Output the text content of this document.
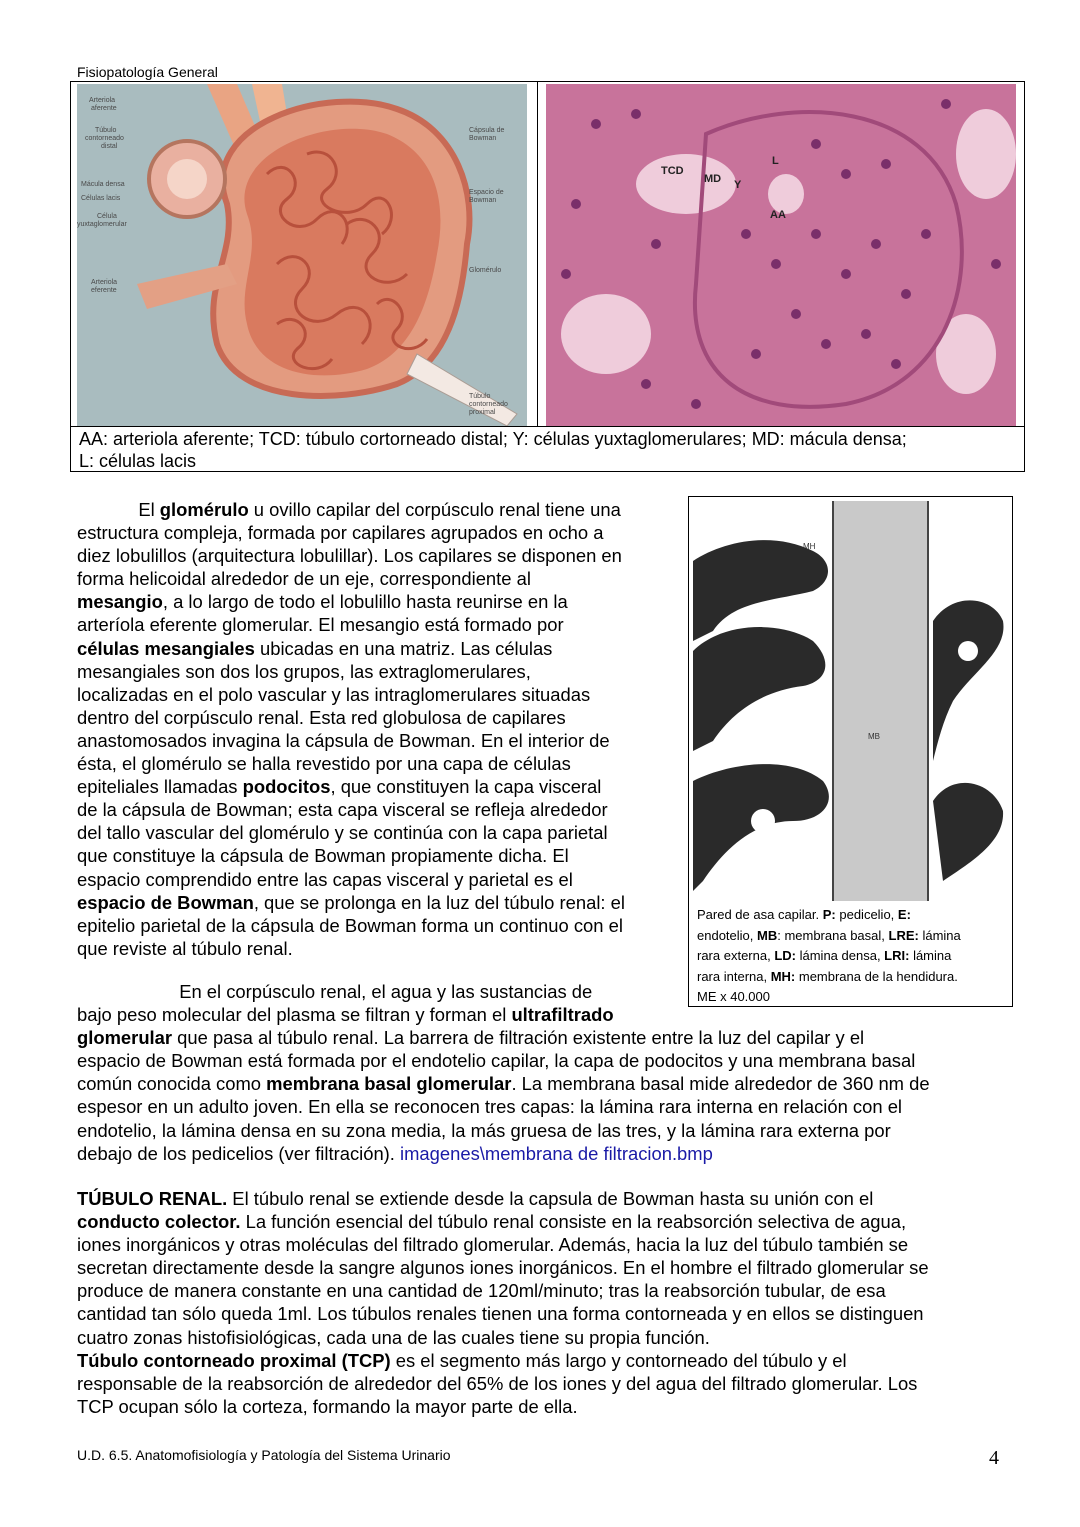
Fisiopatología General
Arteriola
aferente
Túbulo
contorneado
distal
Mácula densa
Células lacis
Célula
yuxtaglomerular
Arteriola
eferente
Cápsula de
Bowman
Espacio de
Bowman
Glomérulo
Túbulo
contorneado
proximal
TCD
MD Y
L
AA
AA: arteriola aferente; TCD: túbulo cortorneado distal; Y: células yuxtaglomerulares; MD: mácula densa;
L: células lacis
MH
MB
Pared de asa capilar. P: pedicelio, E:
endotelio, MB: membrana basal, LRE: lámina
rara externa, LD: lámina densa, LRI: lámina
rara interna, MH: membrana de la hendidura.
ME x 40.000
El glomérulo u ovillo capilar del corpúsculo renal tiene una
estructura compleja, formada por capilares agrupados en ocho a
diez lobulillos (arquitectura lobulillar). Los capilares se disponen en
forma helicoidal alrededor de un eje, correspondiente al
mesangio, a lo largo de todo el lobulillo hasta reunirse en la
arteríola eferente glomerular. El mesangio está formado por
células mesangiales ubicadas en una matriz. Las células
mesangiales son dos los grupos, las extraglomerulares,
localizadas en el polo vascular y las intraglomerulares situadas
dentro del corpúsculo renal. Esta red globulosa de capilares
anastomosados invagina la cápsula de Bowman. En el interior de
ésta, el glomérulo se halla revestido por una capa de células
epiteliales llamadas podocitos, que constituyen la capa visceral
de la cápsula de Bowman; esta capa visceral se refleja alrededor
del tallo vascular del glomérulo y se continúa con la capa parietal
que constituye la cápsula de Bowman propiamente dicha. El
espacio comprendido entre las capas visceral y parietal es el
espacio de Bowman, que se prolonga en la luz del túbulo renal: el
epitelio parietal de la cápsula de Bowman forma un continuo con el
que reviste al túbulo renal.
En el corpúsculo renal, el agua y las sustancias de
bajo peso molecular del plasma se filtran y forman el ultrafiltrado
glomerular que pasa al túbulo renal. La barrera de filtración existente entre la luz del capilar y el
espacio de Bowman está formada por el endotelio capilar, la capa de podocitos y una membrana basal
común conocida como membrana basal glomerular. La membrana basal mide alrededor de 360 nm de
espesor en un adulto joven. En ella se reconocen tres capas: la lámina rara interna en relación con el
endotelio, la lámina densa en su zona media, la más gruesa de las tres, y la lámina rara externa por
debajo de los pedicelios (ver filtración). imagenes\membrana de filtracion.bmp
TÚBULO RENAL. El túbulo renal se extiende desde la capsula de Bowman hasta su unión con el
conducto colector. La función esencial del túbulo renal consiste en la reabsorción selectiva de agua,
iones inorgánicos y otras moléculas del filtrado glomerular. Además, hacia la luz del túbulo también se
secretan directamente desde la sangre algunos iones inorgánicos. En el hombre el filtrado glomerular se
produce de manera constante en una cantidad de 120ml/minuto; tras la reabsorción tubular, de esa
cantidad tan sólo queda 1ml. Los túbulos renales tienen una forma contorneada y en ellos se distinguen
cuatro zonas histofisiológicas, cada una de las cuales tiene su propia función.
Túbulo contorneado proximal (TCP) es el segmento más largo y contorneado del túbulo y el
responsable de la reabsorción de alrededor del 65% de los iones y del agua del filtrado glomerular. Los
TCP ocupan sólo la corteza, formando la mayor parte de ella.
U.D. 6.5. Anatomofisiología y Patología del Sistema Urinario	4
